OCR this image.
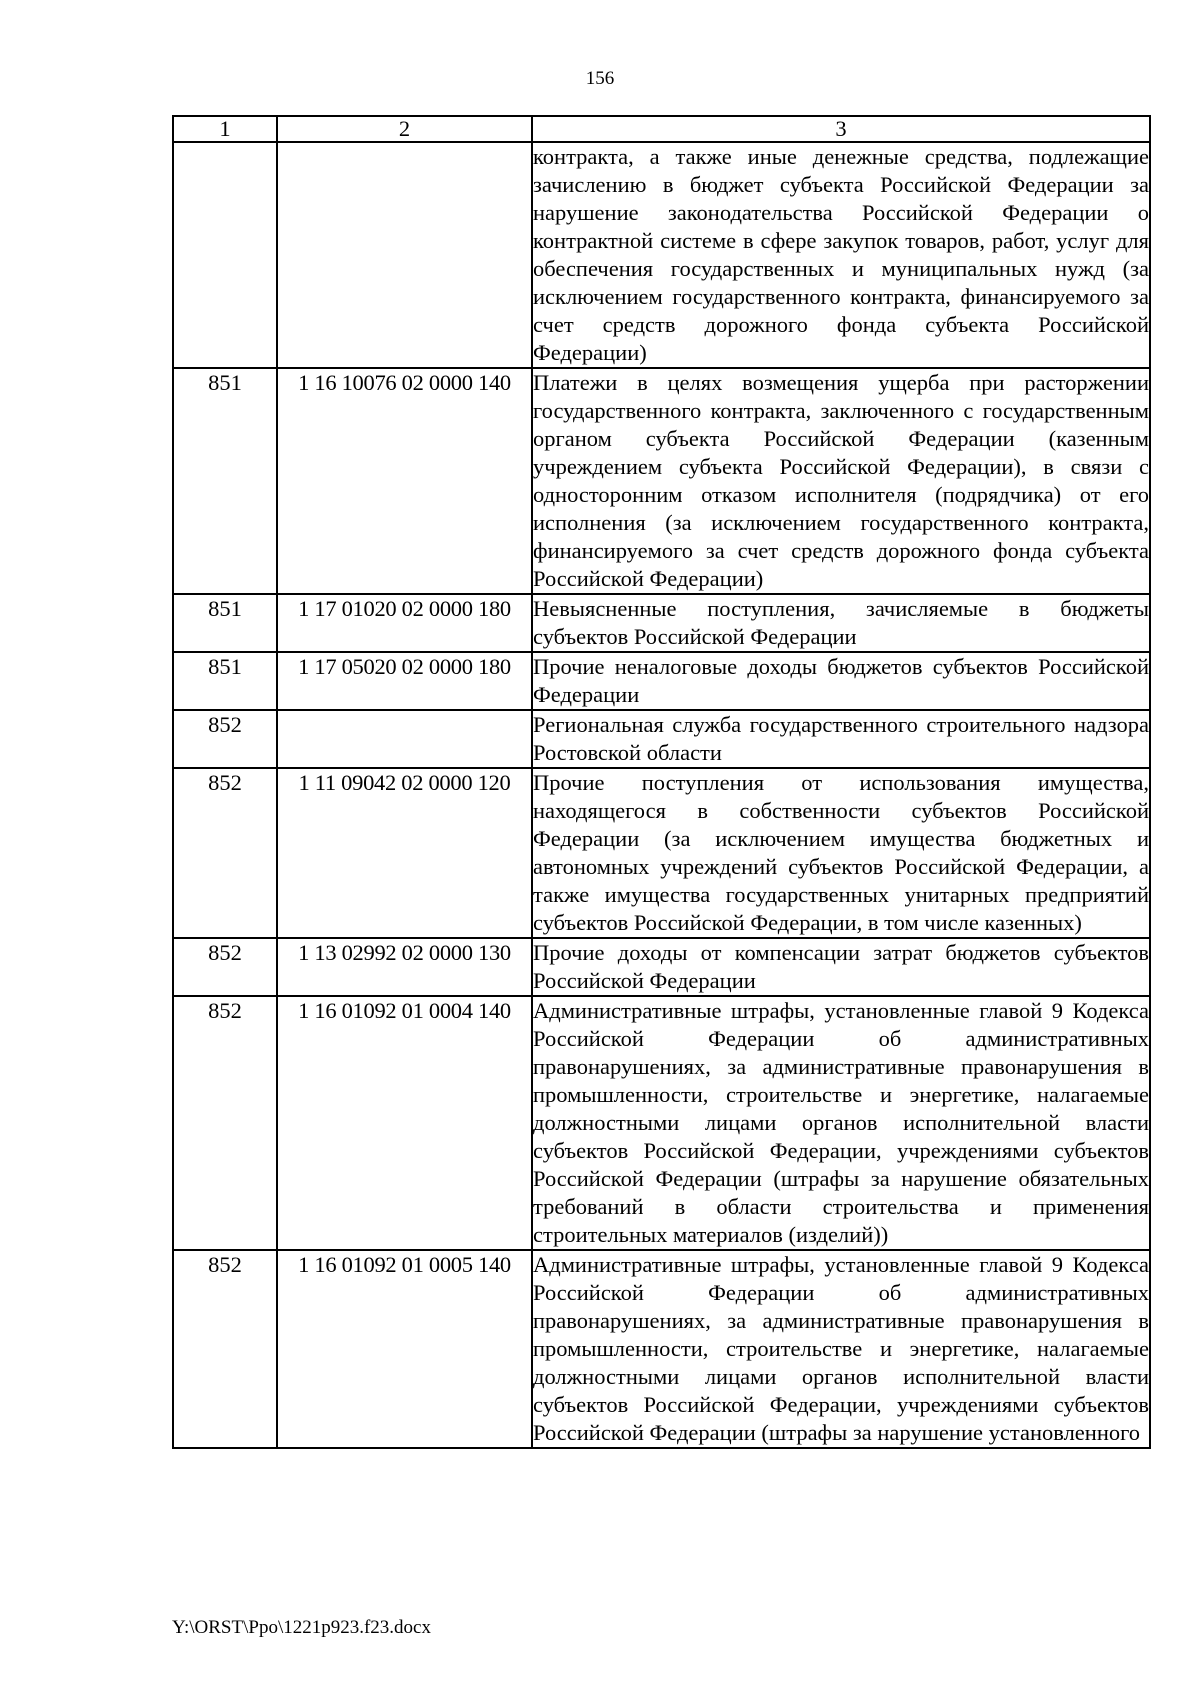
156
1	2	3
		контракта, а также иные денежные средства, подлежащие зачислению в бюджет субъекта Российской Федерации за нарушение законодательства Российской Федерации о контрактной системе в сфере закупок товаров, работ, услуг для обеспечения государственных и муниципальных нужд (за исключением государственного контракта, финансируемого за счет средств дорожного фонда субъекта Российской Федерации)
851	1 16 10076 02 0000 140	Платежи в целях возмещения ущерба при расторжении государственного контракта, заключенного с государственным органом субъекта Российской Федерации (казенным учреждением субъекта Российской Федерации), в связи с односторонним отказом исполнителя (подрядчика) от его исполнения (за исключением государственного контракта, финансируемого за счет средств дорожного фонда субъекта Российской Федерации)
851	1 17 01020 02 0000 180	Невыясненные поступления, зачисляемые в бюджеты субъектов Российской Федерации
851	1 17 05020 02 0000 180	Прочие неналоговые доходы бюджетов субъектов Российской Федерации
852		Региональная служба государственного строительного надзора Ростовской области
852	1 11 09042 02 0000 120	Прочие поступления от использования имущества, находящегося в собственности субъектов Российской Федерации (за исключением имущества бюджетных и автономных учреждений субъектов Российской Федерации, а также имущества государственных унитарных предприятий субъектов Российской Федерации, в том числе казенных)
852	1 13 02992 02 0000 130	Прочие доходы от компенсации затрат бюджетов субъектов Российской Федерации
852	1 16 01092 01 0004 140	Административные штрафы, установленные главой 9 Кодекса Российской Федерации об административных правонарушениях, за административные правонарушения в промышленности, строительстве и энергетике, налагаемые должностными лицами органов исполнительной власти субъектов Российской Федерации, учреждениями субъектов Российской Федерации (штрафы за нарушение обязательных требований в области строительства и применения строительных материалов (изделий))
852	1 16 01092 01 0005 140	Административные штрафы, установленные главой 9 Кодекса Российской Федерации об административных правонарушениях, за административные правонарушения в промышленности, строительстве и энергетике, налагаемые должностными лицами органов исполнительной власти субъектов Российской Федерации, учреждениями субъектов Российской Федерации (штрафы за нарушение установленного
Y:\ORST\Ppo\1221p923.f23.docx
